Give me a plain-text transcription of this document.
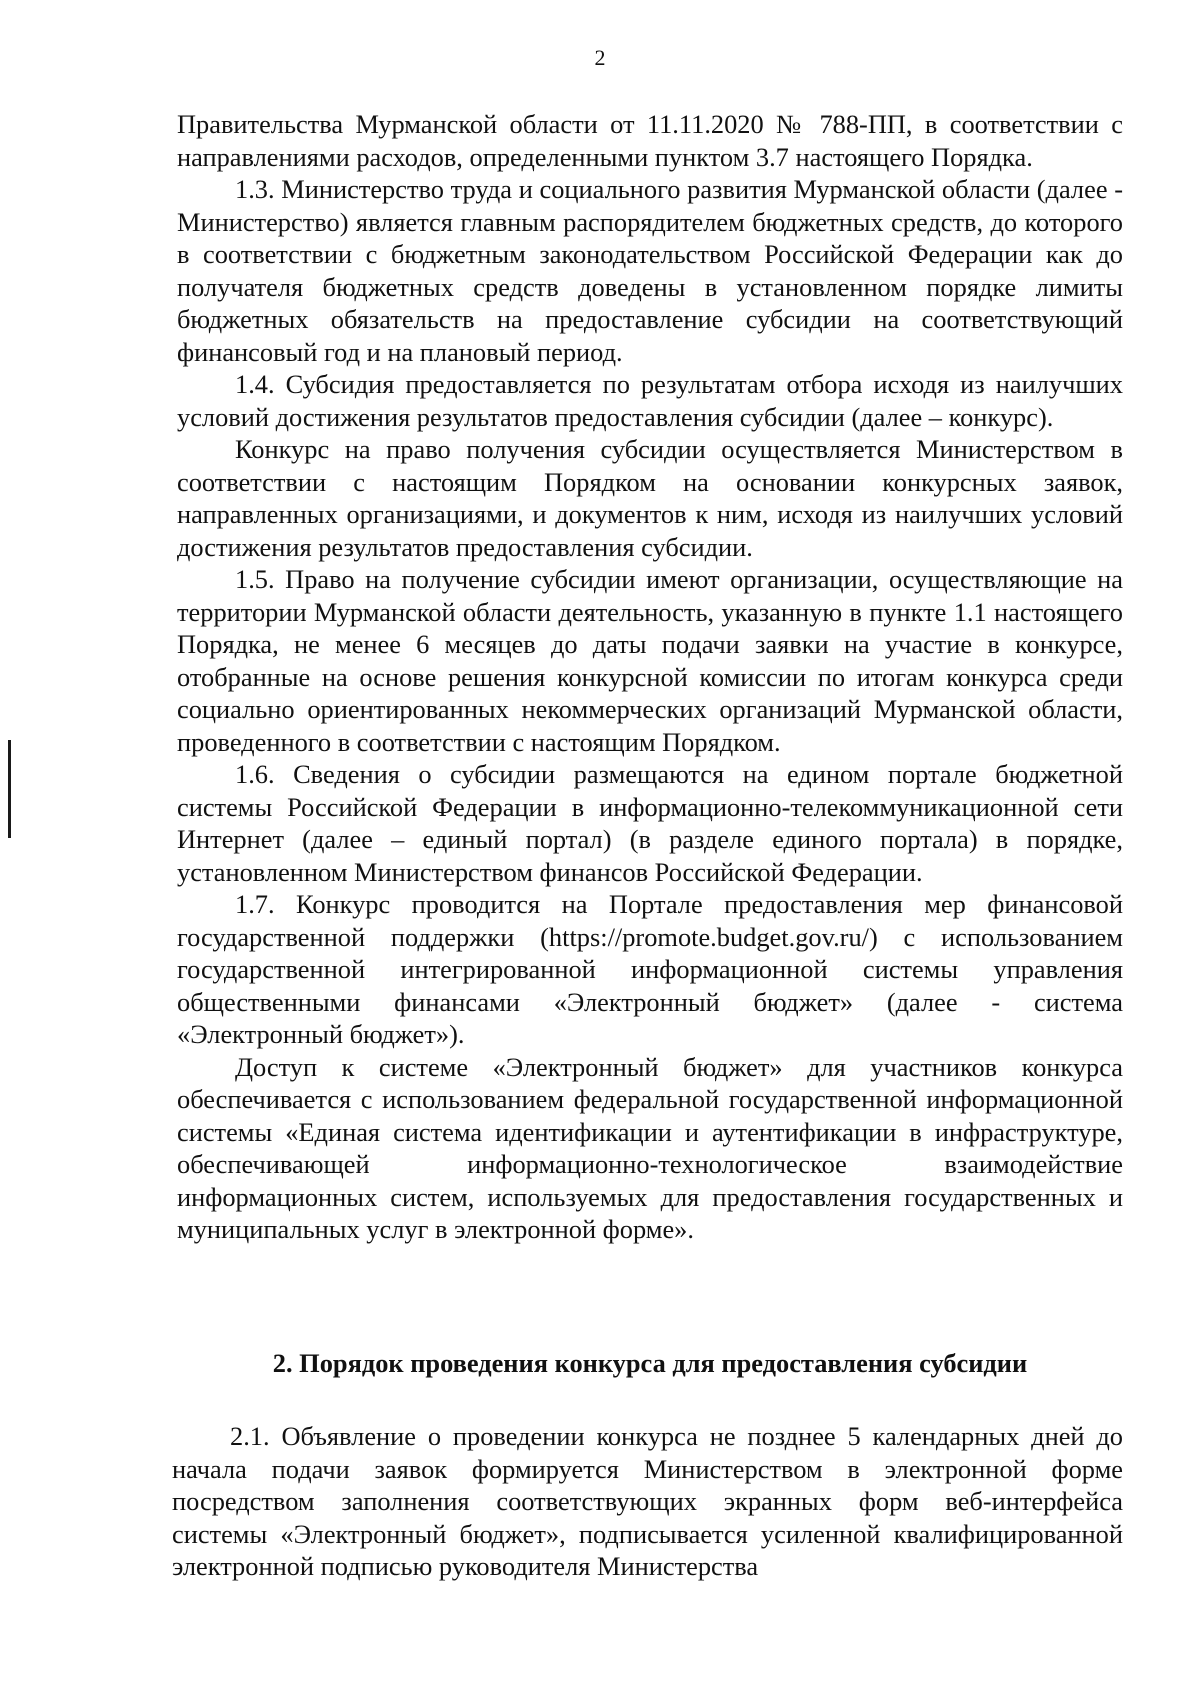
2

Правительства Мурманской области от 11.11.2020 № 788-ПП, в соответствии с направлениями расходов, определенными пунктом 3.7 настоящего Порядка.

1.3. Министерство труда и социального развития Мурманской области (далее - Министерство) является главным распорядителем бюджетных средств, до которого в соответствии с бюджетным законодательством Российской Федерации как до получателя бюджетных средств доведены в установленном порядке лимиты бюджетных обязательств на предоставление субсидии на соответствующий финансовый год и на плановый период.

1.4. Субсидия предоставляется по результатам отбора исходя из наилучших условий достижения результатов предоставления субсидии (далее – конкурс).

Конкурс на право получения субсидии осуществляется Министерством в соответствии с настоящим Порядком на основании конкурсных заявок, направленных организациями, и документов к ним, исходя из наилучших условий достижения результатов предоставления субсидии.

1.5. Право на получение субсидии имеют организации, осуществляющие на территории Мурманской области деятельность, указанную в пункте 1.1 настоящего Порядка, не менее 6 месяцев до даты подачи заявки на участие в конкурсе, отобранные на основе решения конкурсной комиссии по итогам конкурса среди социально ориентированных некоммерческих организаций Мурманской области, проведенного в соответствии с настоящим Порядком.

1.6. Сведения о субсидии размещаются на едином портале бюджетной системы Российской Федерации в информационно-телекоммуникационной сети Интернет (далее – единый портал) (в разделе единого портала) в порядке, установленном Министерством финансов Российской Федерации.

1.7. Конкурс проводится на Портале предоставления мер финансовой государственной поддержки (https://promote.budget.gov.ru/) с использованием государственной интегрированной информационной системы управления общественными финансами «Электронный бюджет» (далее - система «Электронный бюджет»).

Доступ к системе «Электронный бюджет» для участников конкурса обеспечивается с использованием федеральной государственной информационной системы «Единая система идентификации и аутентификации в инфраструктуре, обеспечивающей информационно-технологическое взаимодействие информационных систем, используемых для предоставления государственных и муниципальных услуг в электронной форме».

2. Порядок проведения конкурса для предоставления субсидии

2.1. Объявление о проведении конкурса не позднее 5 календарных дней до начала подачи заявок формируется Министерством в электронной форме посредством заполнения соответствующих экранных форм веб-интерфейса системы «Электронный бюджет», подписывается усиленной квалифицированной электронной подписью руководителя Министерства
